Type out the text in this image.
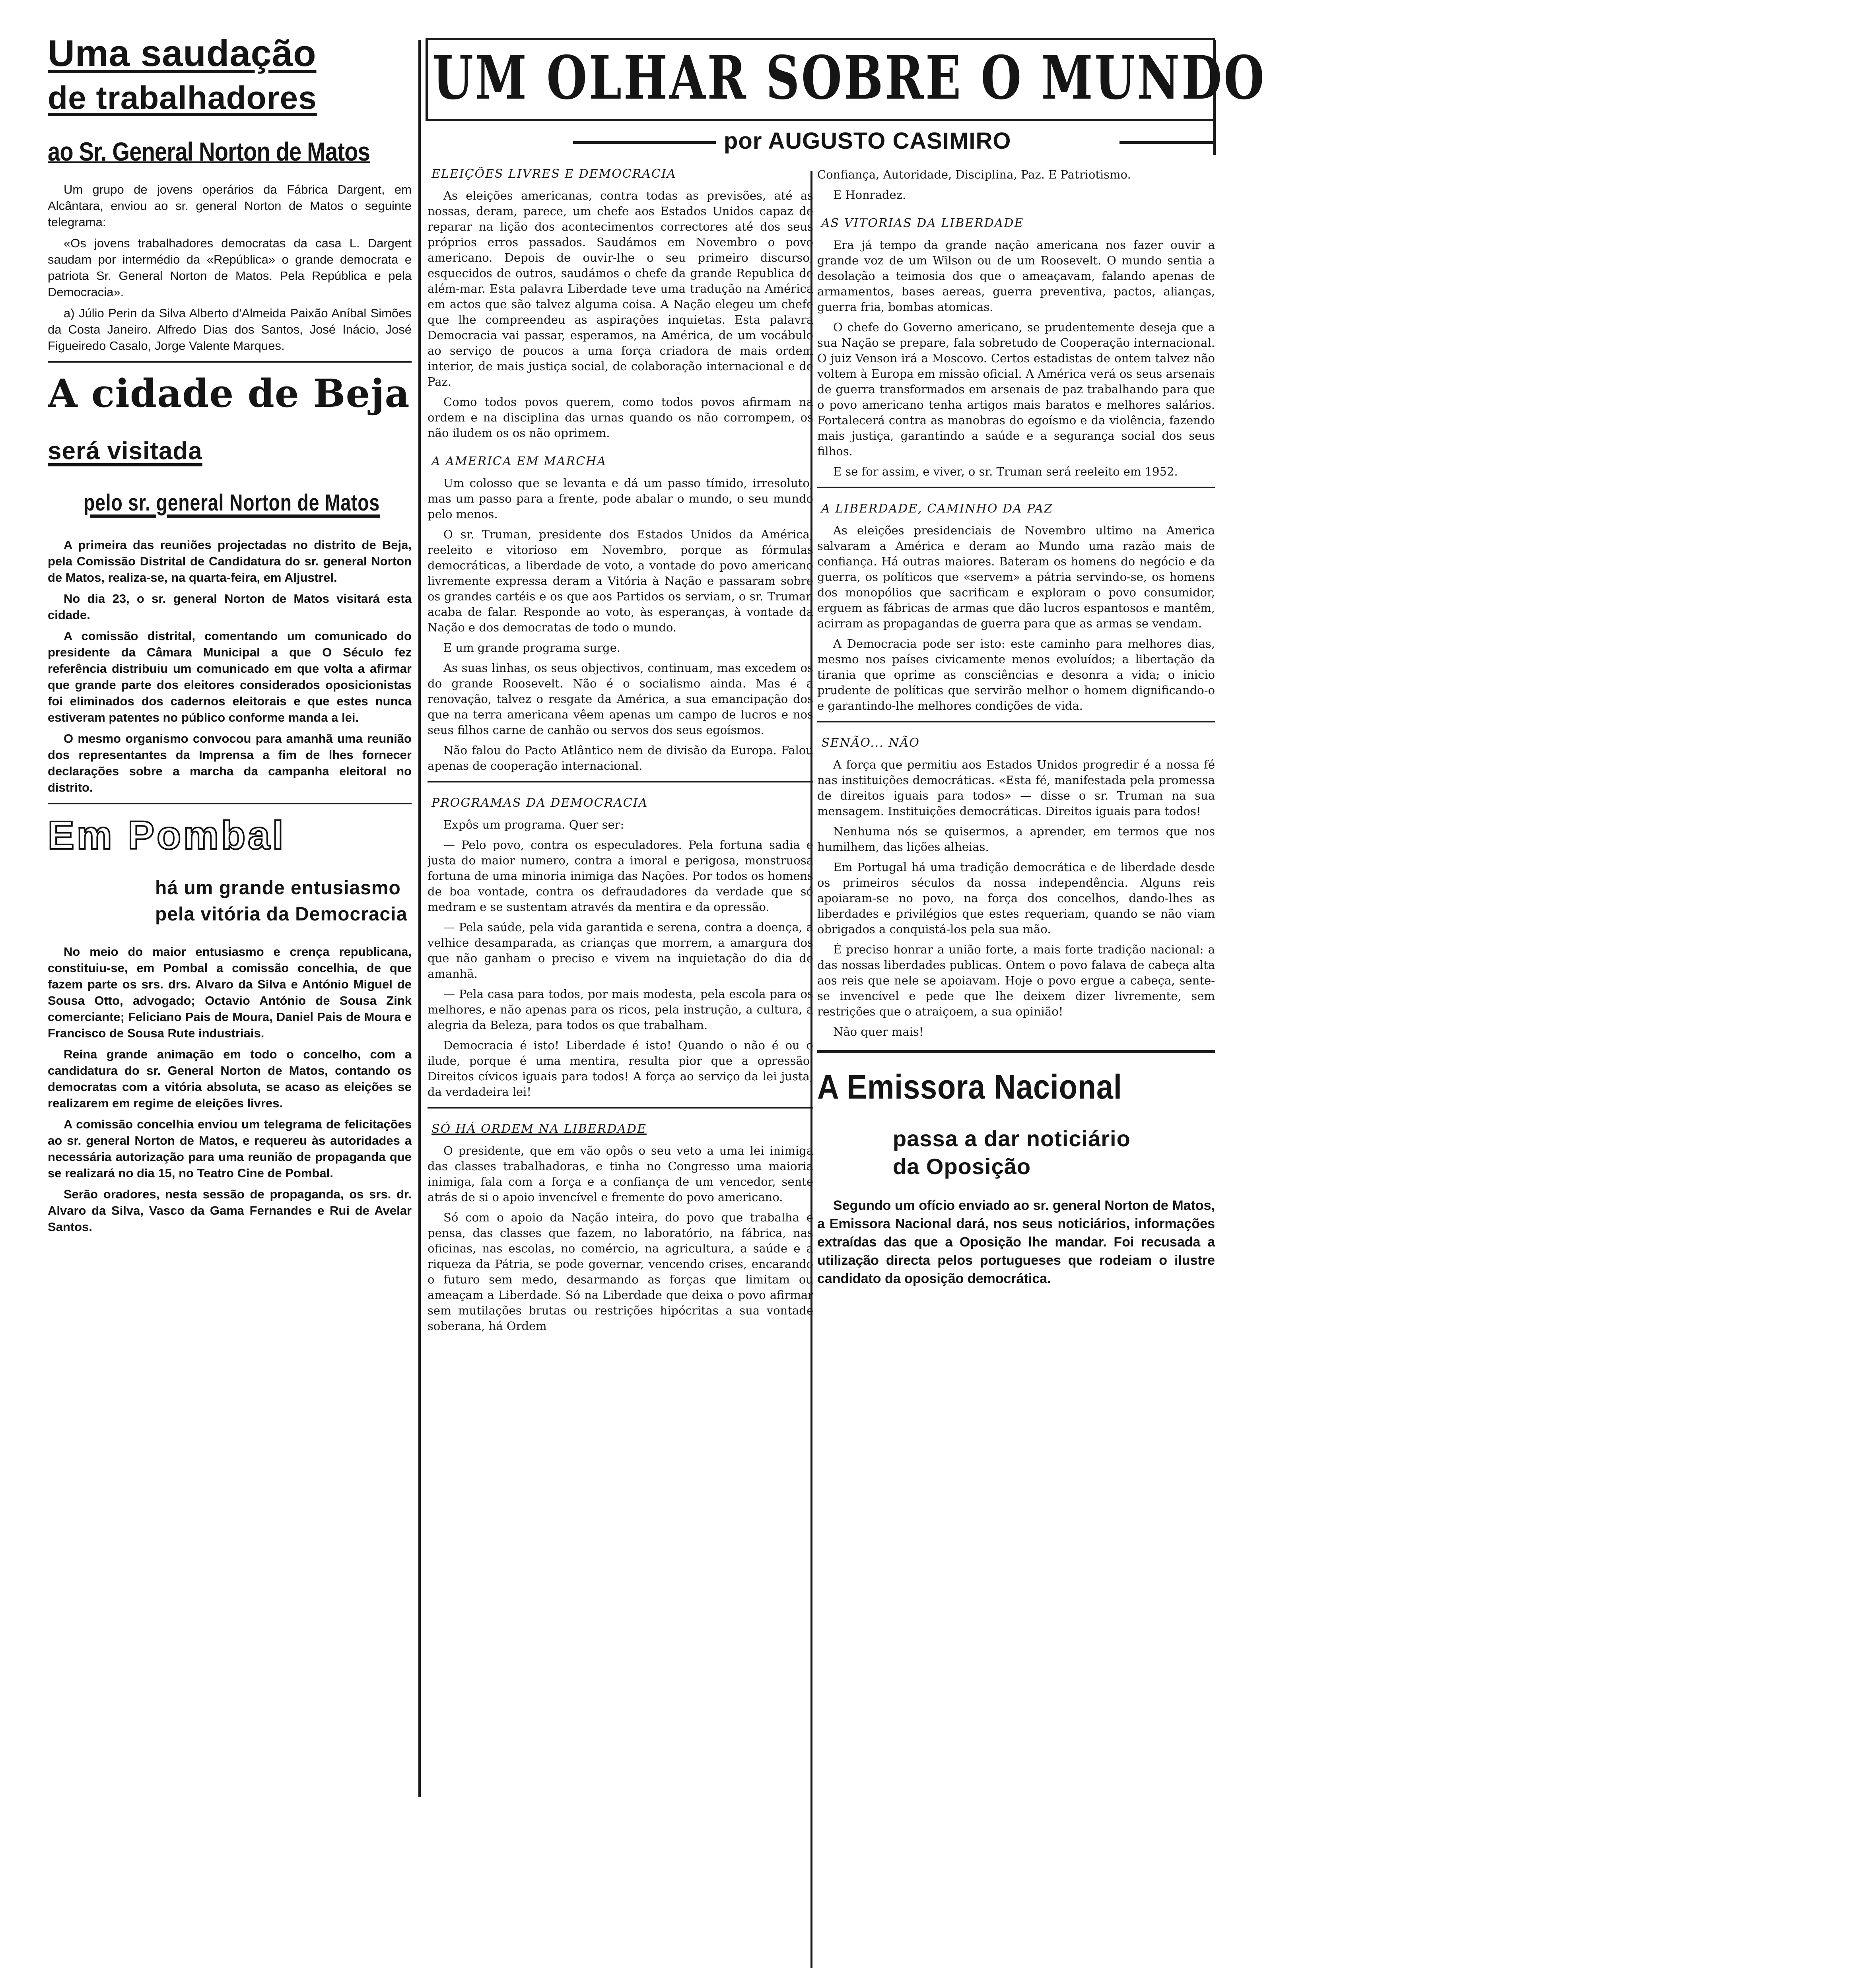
Uma saudação
de trabalhadores
ao Sr. General Norton de Matos

Um grupo de jovens operários da Fábrica Dargent, em Alcântara, enviou ao sr. general Norton de Matos o seguinte telegrama:

«Os jovens trabalhadores democratas da casa L. Dargent saudam por intermédio da «República» o grande democrata e patriota Sr. General Norton de Matos. Pela República e pela Democracia».

a) Júlio Perin da Silva Alberto d'Almeida Paixão Aníbal Simões da Costa Janeiro. Alfredo Dias dos Santos, José Inácio, José Figueiredo Casalo, Jorge Valente Marques.

A cidade de Beja
será visitada
pelo sr. general Norton de Matos

A primeira das reuniões projectadas no distrito de Beja, pela Comissão Distrital de Candidatura do sr. general Norton de Matos, realiza-se, na quarta-feira, em Aljustrel.

No dia 23, o sr. general Norton de Matos visitará esta cidade.

A comissão distrital, comentando um comunicado do presidente da Câmara Municipal a que O Século fez referência distribuiu um comunicado em que volta a afirmar que grande parte dos eleitores considerados oposicionistas foi eliminados dos cadernos eleitorais e que estes nunca estiveram patentes no público conforme manda a lei.

O mesmo organismo convocou para amanhã uma reunião dos representantes da Imprensa a fim de lhes fornecer declarações sobre a marcha da campanha eleitoral no distrito.

Em Pombal
há um grande entusiasmo
pela vitória da Democracia

No meio do maior entusiasmo e crença republicana, constituiu-se, em Pombal a comissão concelhia, de que fazem parte os srs. drs. Alvaro da Silva e António Miguel de Sousa Otto, advogado; Octavio António de Sousa Zink comerciante; Feliciano Pais de Moura, Daniel Pais de Moura e Francisco de Sousa Rute industriais.

Reina grande animação em todo o concelho, com a candidatura do sr. General Norton de Matos, contando os democratas com a vitória absoluta, se acaso as eleições se realizarem em regime de eleições livres.

A comissão concelhia enviou um telegrama de felicitações ao sr. general Norton de Matos, e requereu às autoridades a necessária autorização para uma reunião de propaganda que se realizará no dia 15, no Teatro Cine de Pombal.

Serão oradores, nesta sessão de propaganda, os srs. dr. Alvaro da Silva, Vasco da Gama Fernandes e Rui de Avelar Santos.

UM OLHAR SOBRE O MUNDO
por AUGUSTO CASIMIRO
ELEIÇÕES LIVRES E DEMOCRACIA

As eleições americanas, contra todas as previsões, até as nossas, deram, parece, um chefe aos Estados Unidos capaz de reparar na lição dos acontecimentos correctores até dos seus próprios erros passados. Saudámos em Novembro o povo americano. Depois de ouvir-lhe o seu primeiro discurso, esquecidos de outros, saudámos o chefe da grande Republica de além-mar. Esta palavra Liberdade teve uma tradução na América em actos que são talvez alguma coisa. A Nação elegeu um chefe que lhe compreendeu as aspirações inquietas. Esta palavra Democracia vai passar, esperamos, na América, de um vocábulo ao serviço de poucos a uma força criadora de mais ordem interior, de mais justiça social, de colaboração internacional e de Paz.

Como todos povos querem, como todos povos afirmam na ordem e na disciplina das urnas quando os não corrompem, os não iludem os os não oprimem.

A AMERICA EM MARCHA

Um colosso que se levanta e dá um passo tímido, irresoluto, mas um passo para a frente, pode abalar o mundo, o seu mundo pelo menos.

O sr. Truman, presidente dos Estados Unidos da América, reeleito e vitorioso em Novembro, porque as fórmulas democráticas, a liberdade de voto, a vontade do povo americano livremente expressa deram a Vitória à Nação e passaram sobre os grandes cartéis e os que aos Partidos os serviam, o sr. Truman acaba de falar. Responde ao voto, às esperanças, à vontade da Nação e dos democratas de todo o mundo.

E um grande programa surge.

As suas linhas, os seus objectivos, continuam, mas excedem os do grande Roosevelt. Não é o socialismo ainda. Mas é a renovação, talvez o resgate da América, a sua emancipação dos que na terra americana vêem apenas um campo de lucros e nos seus filhos carne de canhão ou servos dos seus egoísmos.

Não falou do Pacto Atlântico nem de divisão da Europa. Falou apenas de cooperação internacional.

PROGRAMAS DA DEMOCRACIA

Expôs um programa. Quer ser:

— Pelo povo, contra os especuladores. Pela fortuna sadia e justa do maior numero, contra a imoral e perigosa, monstruosa fortuna de uma minoria inimiga das Nações. Por todos os homens de boa vontade, contra os defraudadores da verdade que só medram e se sustentam através da mentira e da opressão.

— Pela saúde, pela vida garantida e serena, contra a doença, a velhice desamparada, as crianças que morrem, a amargura dos que não ganham o preciso e vivem na inquietação do dia de amanhã.

— Pela casa para todos, por mais modesta, pela escola para os melhores, e não apenas para os ricos, pela instrução, a cultura, a alegria da Beleza, para todos os que trabalham.

Democracia é isto! Liberdade é isto! Quando o não é ou o ilude, porque é uma mentira, resulta pior que a opressão. Direitos cívicos iguais para todos! A força ao serviço da lei justa, da verdadeira lei!

SÓ HÁ ORDEM NA LIBERDADE

O presidente, que em vão opôs o seu veto a uma lei inimiga das classes trabalhadoras, e tinha no Congresso uma maioria inimiga, fala com a força e a confiança de um vencedor, sente atrás de si o apoio invencível e fremente do povo americano.

Só com o apoio da Nação inteira, do povo que trabalha e pensa, das classes que fazem, no laboratório, na fábrica, nas oficinas, nas escolas, no comércio, na agricultura, a saúde e a riqueza da Pátria, se pode governar, vencendo crises, encarando o futuro sem medo, desarmando as forças que limitam ou ameaçam a Liberdade. Só na Liberdade que deixa o povo afirmar sem mutilações brutas ou restrições hipócritas a sua vontade soberana, há Ordem

Confiança, Autoridade, Disciplina, Paz. E Patriotismo.

E Honradez.

AS VITORIAS DA LIBERDADE

Era já tempo da grande nação americana nos fazer ouvir a grande voz de um Wilson ou de um Roosevelt. O mundo sentia a desolação a teimosia dos que o ameaçavam, falando apenas de armamentos, bases aereas, guerra preventiva, pactos, alianças, guerra fria, bombas atomicas.

O chefe do Governo americano, se prudentemente deseja que a sua Nação se prepare, fala sobretudo de Cooperação internacional. O juiz Venson irá a Moscovo. Certos estadistas de ontem talvez não voltem à Europa em missão oficial. A América verá os seus arsenais de guerra transformados em arsenais de paz trabalhando para que o povo americano tenha artigos mais baratos e melhores salários. Fortalecerá contra as manobras do egoísmo e da violência, fazendo mais justiça, garantindo a saúde e a segurança social dos seus filhos.

E se for assim, e viver, o sr. Truman será reeleito em 1952.

A LIBERDADE, CAMINHO DA PAZ

As eleições presidenciais de Novembro ultimo na America salvaram a América e deram ao Mundo uma razão mais de confiança. Há outras maiores. Bateram os homens do negócio e da guerra, os políticos que «servem» a pátria servindo-se, os homens dos monopólios que sacrificam e exploram o povo consumidor, erguem as fábricas de armas que dão lucros espantosos e mantêm, acirram as propagandas de guerra para que as armas se vendam.

A Democracia pode ser isto: este caminho para melhores dias, mesmo nos países civicamente menos evoluídos; a libertação da tirania que oprime as consciências e desonra a vida; o inicio prudente de políticas que servirão melhor o homem dignificando-o e garantindo-lhe melhores condições de vida.

SENÃO... NÃO

A força que permitiu aos Estados Unidos progredir é a nossa fé nas instituições democráticas. «Esta fé, manifestada pela promessa de direitos iguais para todos» — disse o sr. Truman na sua mensagem. Instituições democráticas. Direitos iguais para todos!

Nenhuma nós se quisermos, a aprender, em termos que nos humilhem, das lições alheias.

Em Portugal há uma tradição democrática e de liberdade desde os primeiros séculos da nossa independência. Alguns reis apoiaram-se no povo, na força dos concelhos, dando-lhes as liberdades e privilégios que estes requeriam, quando se não viam obrigados a conquistá-los pela sua mão.

É preciso honrar a união forte, a mais forte tradição nacional: a das nossas liberdades publicas. Ontem o povo falava de cabeça alta aos reis que nele se apoiavam. Hoje o povo ergue a cabeça, sente-se invencível e pede que lhe deixem dizer livremente, sem restrições que o atraiçoem, a sua opinião!

Não quer mais!

A Emissora Nacional
passa a dar noticiário
da Oposição

Segundo um ofício enviado ao sr. general Norton de Matos, a Emissora Nacional dará, nos seus noticiários, informações extraídas das que a Oposição lhe mandar. Foi recusada a utilização directa pelos portugueses que rodeiam o ilustre candidato da oposição democrática.
